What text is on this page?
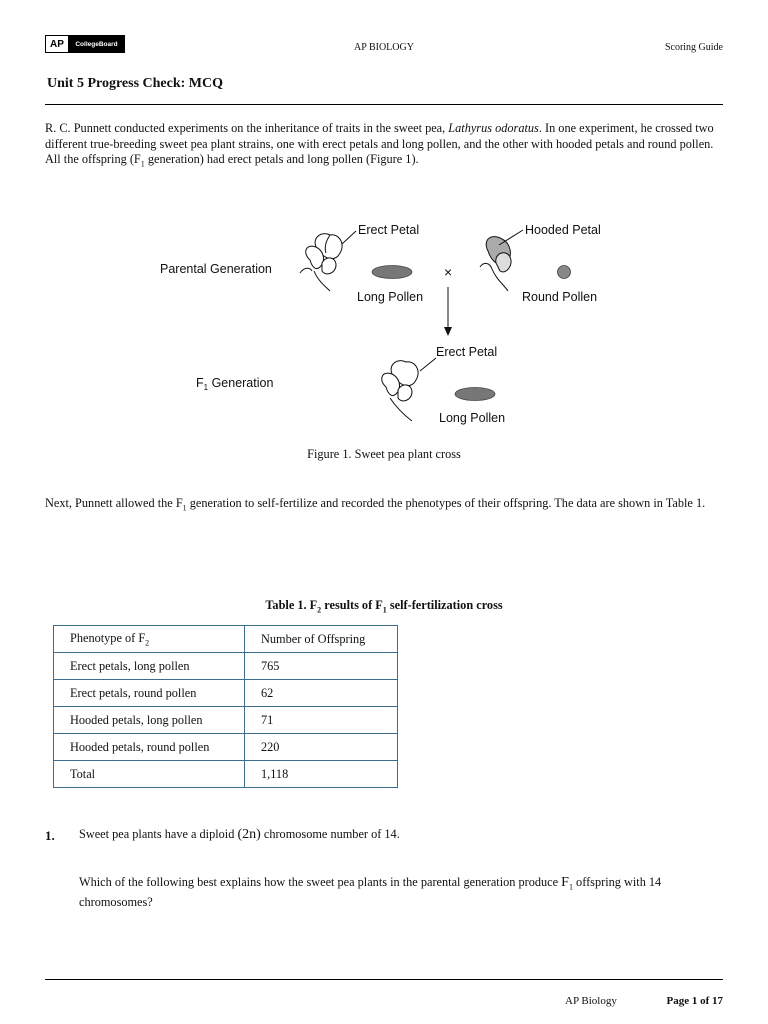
AP	CollegeBoard	AP BIOLOGY	Scoring Guide
Unit 5 Progress Check: MCQ
R. C. Punnett conducted experiments on the inheritance of traits in the sweet pea, Lathyrus odoratus. In one experiment, he crossed two different true-breeding sweet pea plant strains, one with erect petals and long pollen, and the other with hooded petals and round pollen. All the offspring ($F_1$ generation) had erect petals and long pollen (Figure 1).
Parental Generation
$F_1$ Generation
Erect Petal
Long Pollen
Hooded Petal
Round Pollen
×
Erect Petal
Long Pollen
Figure 1. Sweet pea plant cross
Next, Punnett allowed the $F_1$ generation to self-fertilize and recorded the phenotypes of their offspring. The data are shown in Table 1.
Table 1. $F_2$ results of $F_1$ self-fertilization cross
Phenotype of $F_2$	Number of Offspring
Erect petals, long pollen	765
Erect petals, round pollen	62
Hooded petals, long pollen	71
Hooded petals, round pollen	220
Total	1,118
1. Sweet pea plants have a diploid (2n) chromosome number of 14.
Which of the following best explains how the sweet pea plants in the parental generation produce $F_1$ offspring with 14 chromosomes?
AP Biology	Page 1 of 17
